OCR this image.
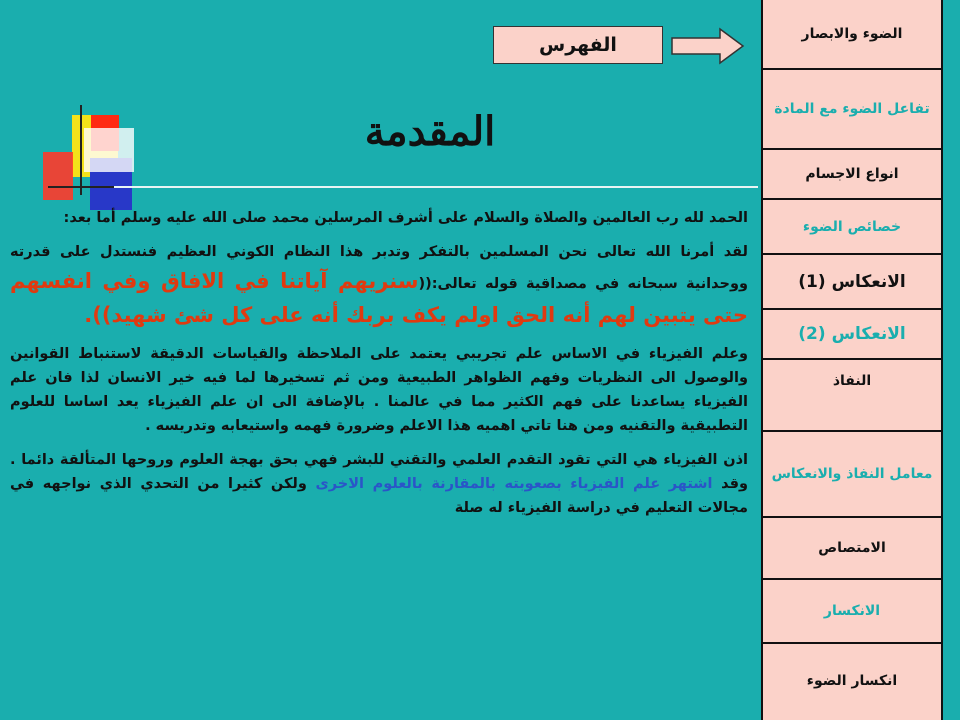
المقدمة
الفهرس

الحمد لله رب العالمين والصلاة والسلام على أشرف المرسلين محمد صلى الله عليه وسلم أما بعد:

لقد أمرنا الله تعالى نحن المسلمين بالتفكر وتدبر هذا النظام الكوني العظيم فنستدل على قدرته ووحدانية سبحانه في مصداقية قوله تعالى:((سنريهم آياتنا في الافاق وفي انفسهم حتى يتبين لهم أنه الحق اولم يكف بربك أنه على كل شئ شهيد)).

وعلم الفيزياء في الاساس علم تجريبي يعتمد على الملاحظة والقياسات الدقيقة لاستنباط القوانين والوصول الى النظريات وفهم الظواهر الطبيعية ومن ثم تسخيرها لما فيه خير الانسان لذا فان علم الفيزياء يساعدنا على فهم الكثير مما في عالمنا . بالإضافة الى ان علم الفيزياء يعد اساسا للعلوم التطبيقية والتقنيه ومن هنا تاتي اهميه هذا الاعلم وضرورة فهمه واستيعابه وتدريسه .

اذن الفيزياء هي التي تقود التقدم العلمي والتقني للبشر فهي بحق بهجة العلوم وروحها المتألقة دائما . وقد اشتهر علم الفيزياء بصعوبته بالمقارنة بالعلوم الاخرى ولكن كثيرا من التحدي الذي نواجهه في مجالات التعليم في دراسة الفيزياء له صلة

الضوء والابصار
تفاعل الضوء مع المادة
انواع الاجسام
خصائص الضوء
الانعكاس (1)
الانعكاس (2)
النفاذ
معامل النفاذ والانعكاس
الامتصاص
الانكسار
انكسار الضوء
